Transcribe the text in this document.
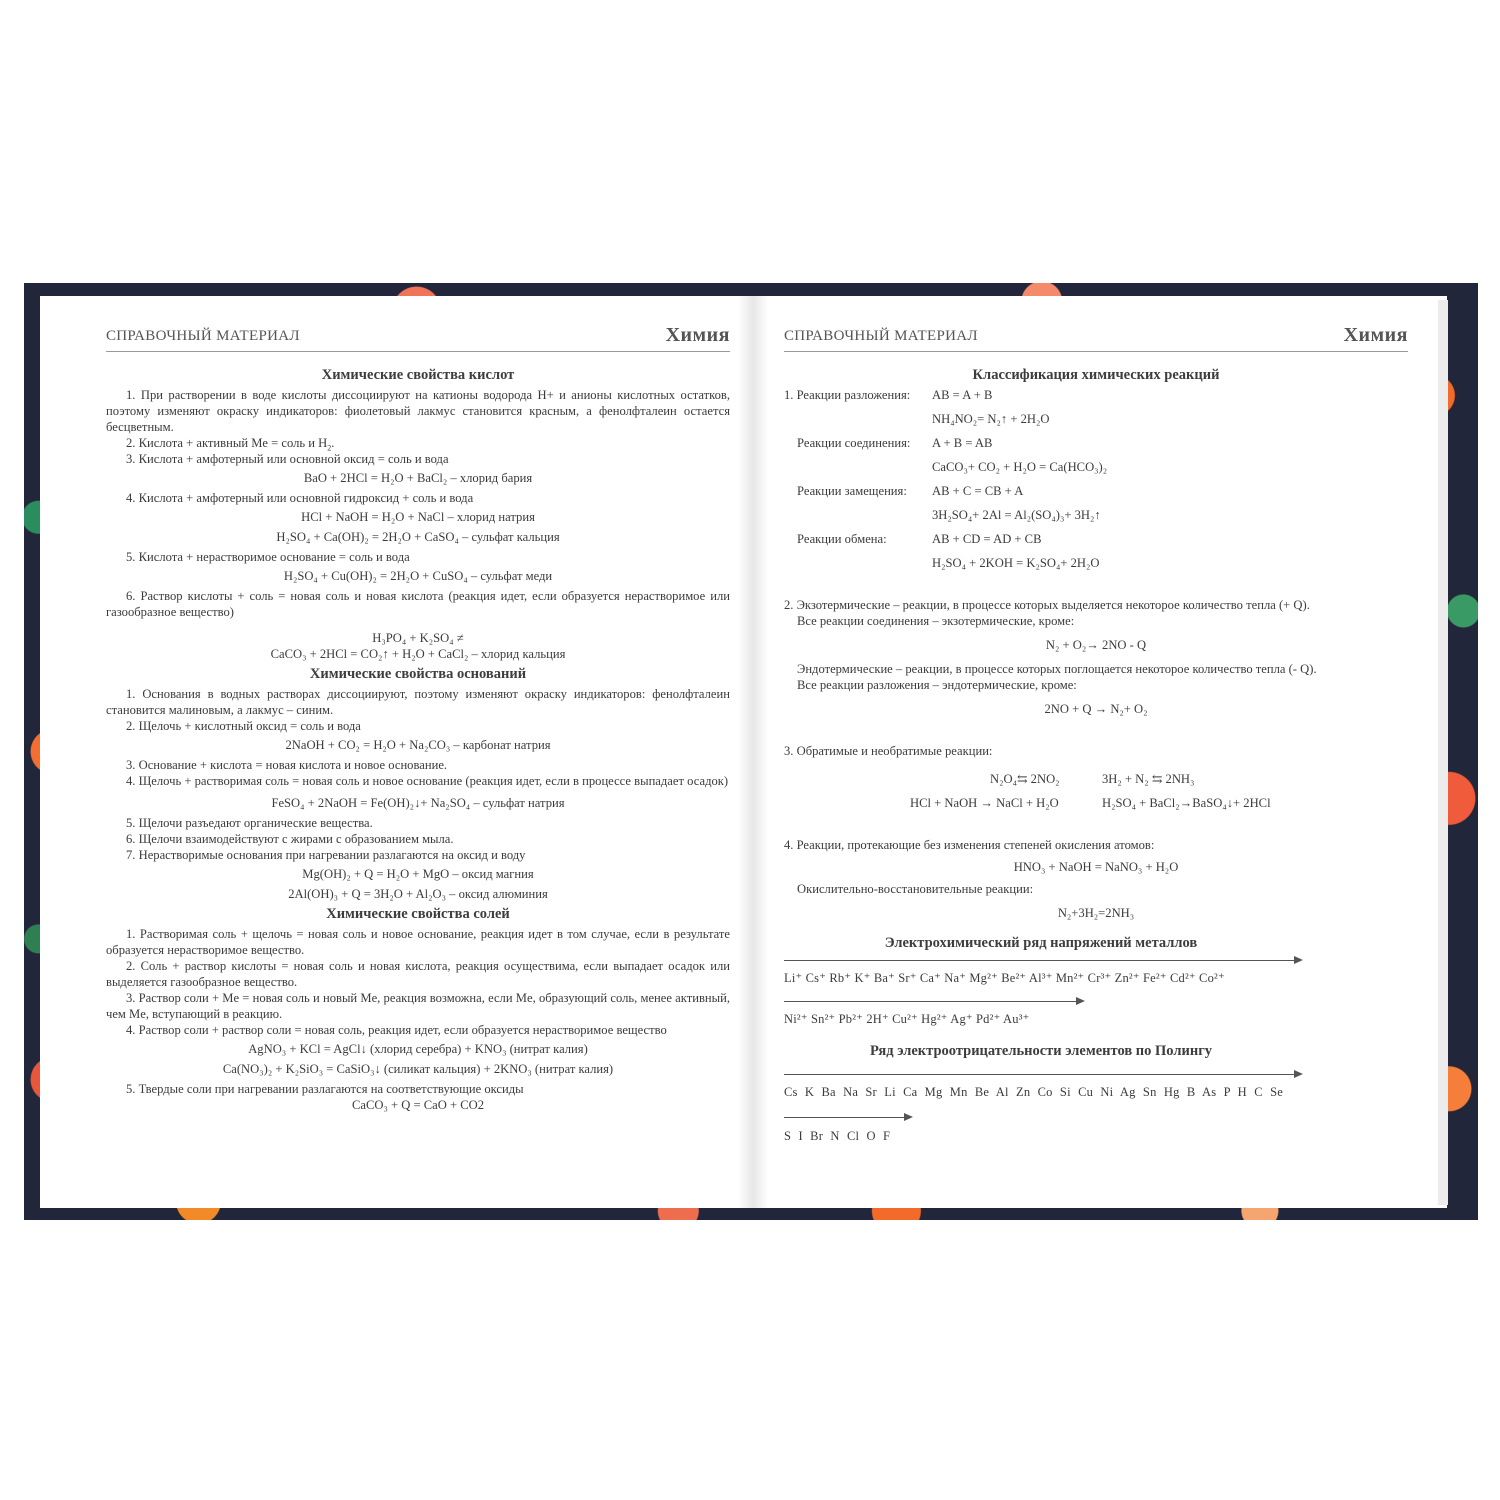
СПРАВОЧНЫЙ МАТЕРИАЛ	Химия	СПРАВОЧНЫЙ МАТЕРИАЛ	Химия
Химические свойства кислот

1. При растворении в воде кислоты диссоциируют на катионы водорода H+ и анионы кислотных остатков, поэтому изменяют окраску индикаторов: фиолетовый лакмус становится красным, а фенолфталеин остается бесцветным.

2. Кислота + активный Me = соль и $H_2$.

3. Кислота + амфотерный или основной оксид = соль и вода

BaO + 2HCl = H₂O + BaCl₂ – хлорид бария

4. Кислота + амфотерный или основной гидроксид + соль и вода

HCl + NaOH = H₂O + NaCl – хлорид натрия
H₂SO₄ + Ca(OH)₂ = 2H₂O + CaSO₄ – сульфат кальция

5. Кислота + нерастворимое основание = соль и вода

H₂SO₄ + Cu(OH)₂ = 2H₂O + CuSO₄ – сульфат меди

6. Раствор кислоты + соль = новая соль и новая кислота (реакция идет, если образуется нерастворимое или газообразное вещество)

H₃PO₄ + K₂SO₄ ≠
CaCO₃ + 2HCl = CO₂↑ + H₂O + CaCl₂ – хлорид кальция
Химические свойства оснований

1. Основания в водных растворах диссоциируют, поэтому изменяют окраску индикаторов: фенолфталеин становится малиновым, а лакмус – синим.

2. Щелочь + кислотный оксид = соль и вода

2NaOH + CO₂ = H₂O + Na₂CO₃ – карбонат натрия

3. Основание + кислота = новая кислота и новое основание.

4. Щелочь + растворимая соль = новая соль и новое основание (реакция идет, если в процессе выпадает осадок)

FeSO₄ + 2NaOH = Fe(OH)₂↓+ Na₂SO₄ – сульфат натрия

5. Щелочи разъедают органические вещества.

6. Щелочи взаимодействуют с жирами с образованием мыла.

7. Нерастворимые основания при нагревании разлагаются на оксид и воду

Mg(OH)₂ + Q = H₂O + MgO – оксид магния
2Al(OH)₃ + Q = 3H₂O + Al₂O₃ – оксид алюминия
Химические свойства солей

1. Растворимая соль + щелочь = новая соль и новое основание, реакция идет в том случае, если в результате образуется нерастворимое вещество.

2. Соль + раствор кислоты = новая соль и новая кислота, реакция осуществима, если выпадает осадок или выделяется газообразное вещество.

3. Раствор соли + Me = новая соль и новый Me, реакция возможна, если Me, образующий соль, менее активный, чем Me, вступающий в реакцию.

4. Раствор соли + раствор соли = новая соль, реакция идет, если образуется нерастворимое вещество

AgNO₃ + KCl = AgCl↓ (хлорид серебра) + KNO₃ (нитрат калия)
Ca(NO₃)₂ + K₂SiO₃ = CaSiO₃↓ (силикат кальция) + 2KNO₃ (нитрат калия)

5. Твердые соли при нагревании разлагаются на соответствующие оксиды

CaCO₃ + Q = CaO + CO2
Классификация химических реакций
1. Реакции разложения: AB = A + B
NH₄NO₂= N₂↑ + 2H₂O
Реакции соединения: A + B = AB
CaCO₃+ CO₂ + H₂O = Ca(HCO₃)₂
Реакции замещения: AB + C = CB + A
3H₂SO₄+ 2Al = Al₂(SO₄)₃+ 3H₂↑
Реакции обмена:	AB + CD = AD + CB
H₂SO₄ + 2KOH = K₂SO₄+ 2H₂O

2. Экзотермические – реакции, в процессе которых выделяется некоторое количество тепла (+ Q).

Все реакции соединения – экзотермические, кроме:

N₂ + O₂→ 2NO - Q

Эндотермические – реакции, в процессе которых поглощается некоторое количество тепла (- Q).

Все реакции разложения – эндотермические, кроме:

2NO + Q → N₂+ O₂

3. Обратимые и необратимые реакции:

N₂O₄⇆ 2NO₂	3H₂ + N₂ ⇆ 2NH₃
HCl + NaOH → NaCl + H₂O	H₂SO₄ + BaCl₂→BaSO₄↓+ 2HCl

4. Реакции, протекающие без изменения степеней окисления атомов:

HNO₃ + NaOH = NaNO₃ + H₂O

Окислительно-восстановительные реакции:

N₂+3H₂=2NH₃
Электрохимический ряд напряжений металлов
Li⁺ Cs⁺ Rb⁺ K⁺ Ba⁺ Sr⁺ Ca⁺ Na⁺ Mg²⁺ Be²⁺ Al³⁺ Mn²⁺ Cr³⁺ Zn²⁺ Fe²⁺ Cd²⁺ Co²⁺
Ni²⁺ Sn²⁺ Pb²⁺ 2H⁺ Cu²⁺ Hg²⁺ Ag⁺ Pd²⁺ Au³⁺
Ряд электроотрицательности элементов по Полингу
Cs K Ba Na Sr Li Ca Mg Mn Be Al Zn Co Si Cu Ni Ag Sn Hg B As P H C Se
S I Br N Cl O F
